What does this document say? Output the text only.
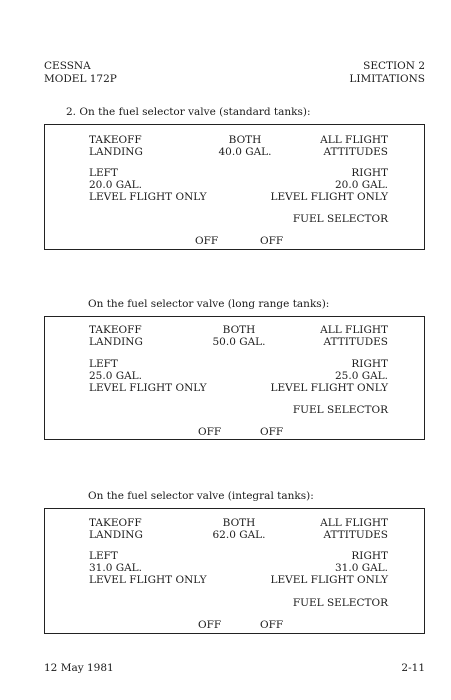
CESSNA
MODEL 172P
SECTION 2
LIMITATIONS
2. On the fuel selector valve (standard tanks):
TAKEOFF
LANDING
BOTH
40.0 GAL.
ALL FLIGHT
ATTITUDES
LEFT
20.0 GAL.
LEVEL FLIGHT ONLY
RIGHT
20.0 GAL.
LEVEL FLIGHT ONLY
FUEL SELECTOR
OFF	OFF
On the fuel selector valve (long range tanks):
TAKEOFF
LANDING
BOTH
50.0 GAL.
ALL FLIGHT
ATTITUDES
LEFT
25.0 GAL.
LEVEL FLIGHT ONLY
RIGHT
25.0 GAL.
LEVEL FLIGHT ONLY
FUEL SELECTOR
OFF	OFF
On the fuel selector valve (integral tanks):
TAKEOFF
LANDING
BOTH
62.0 GAL.
ALL FLIGHT
ATTITUDES
LEFT
31.0 GAL.
LEVEL FLIGHT ONLY
RIGHT
31.0 GAL.
LEVEL FLIGHT ONLY
FUEL SELECTOR
OFF	OFF
12 May 1981	2-11
